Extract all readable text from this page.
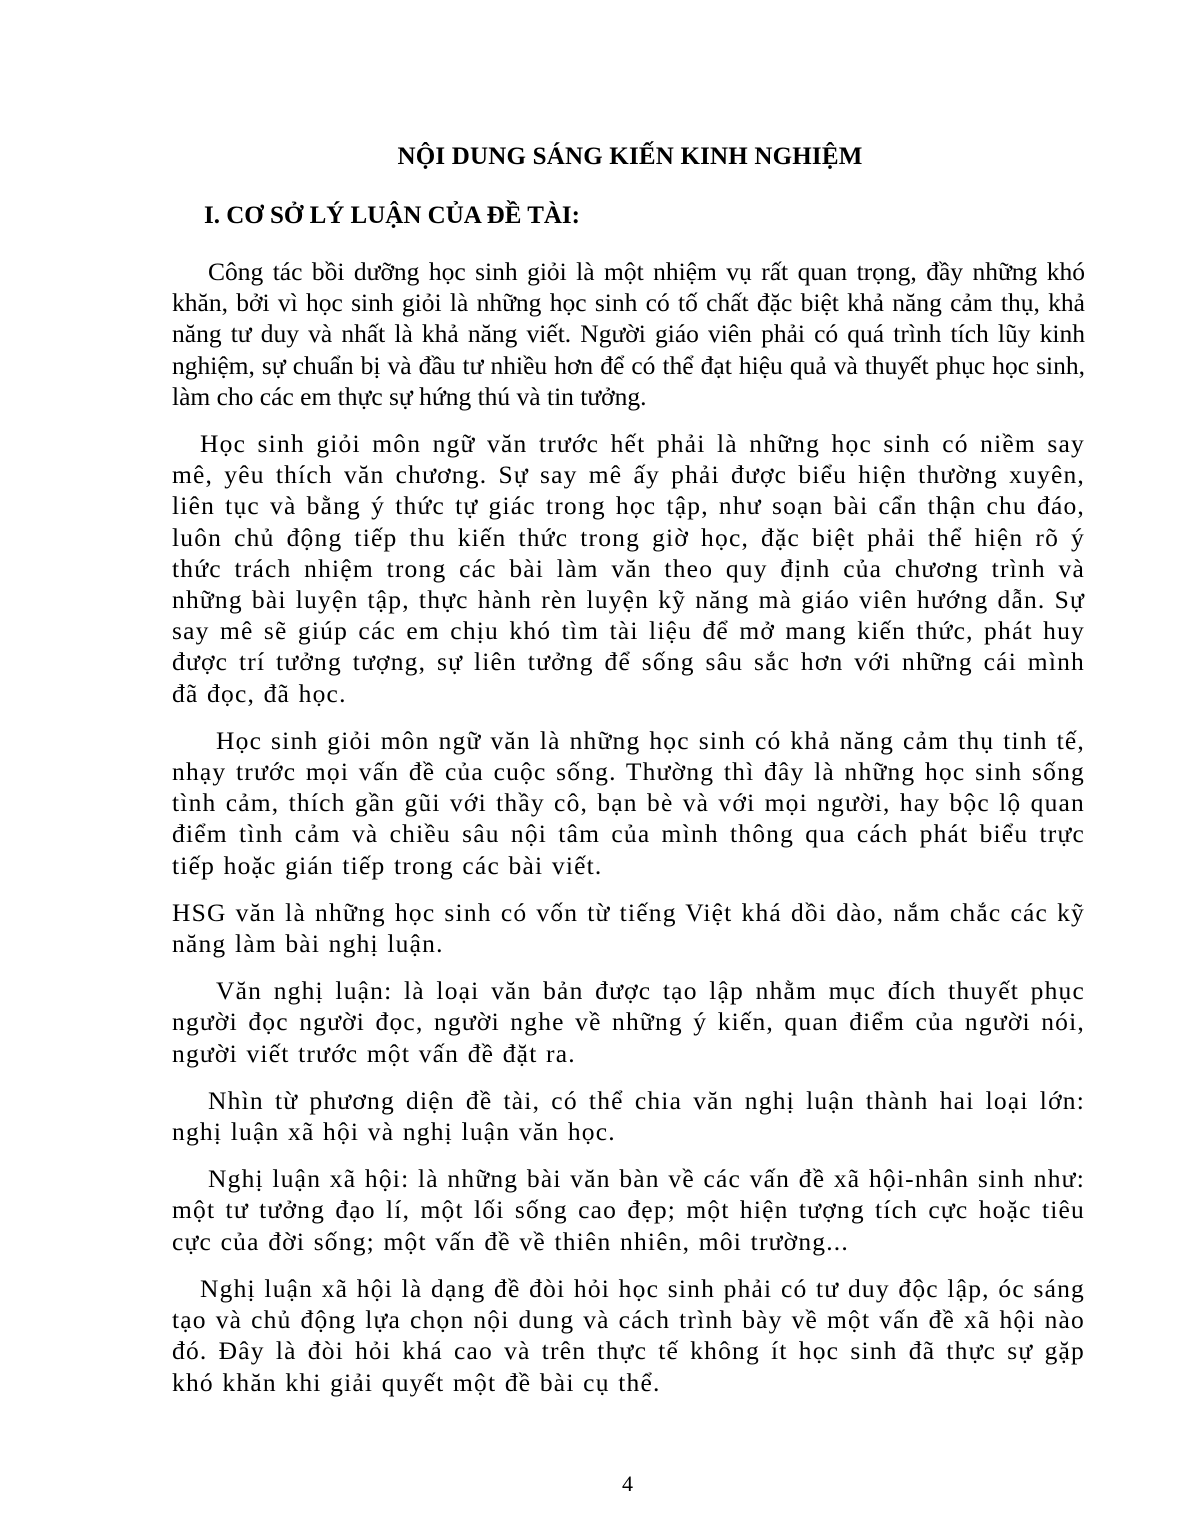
NỘI DUNG SÁNG KIẾN KINH NGHIỆM
I. CƠ SỞ LÝ LUẬN CỦA ĐỀ TÀI:

Công tác bồi dưỡng học sinh giỏi là một nhiệm vụ rất quan trọng, đầy những khó khăn, bởi vì học sinh giỏi là những học sinh có tố chất đặc biệt khả năng cảm thụ, khả năng tư duy và nhất là khả năng viết. Người giáo viên phải có quá trình tích lũy kinh nghiệm, sự chuẩn bị và đầu tư nhiều hơn để có thể đạt hiệu quả và thuyết phục học sinh, làm cho các em thực sự hứng thú và tin tưởng.

Học sinh giỏi môn ngữ văn trước hết phải là những học sinh có niềm say mê, yêu thích văn chương. Sự say mê ấy phải được biểu hiện thường xuyên, liên tục và bằng ý thức tự giác trong học tập, như soạn bài cẩn thận chu đáo, luôn chủ động tiếp thu kiến thức trong giờ học, đặc biệt phải thể hiện rõ ý thức trách nhiệm trong các bài làm văn theo quy định của chương trình và những bài luyện tập, thực hành rèn luyện kỹ năng mà giáo viên hướng dẫn. Sự say mê sẽ giúp các em chịu khó tìm tài liệu để mở mang kiến thức, phát huy được trí tưởng tượng, sự liên tưởng để sống sâu sắc hơn với những cái mình đã đọc, đã học.

Học sinh giỏi môn ngữ văn là những học sinh có khả năng cảm thụ tinh tế, nhạy trước mọi vấn đề của cuộc sống. Thường thì đây là những học sinh sống tình cảm, thích gần gũi với thầy cô, bạn bè và với mọi người, hay bộc lộ quan điểm tình cảm và chiều sâu nội tâm của mình thông qua cách phát biểu trực tiếp hoặc gián tiếp trong các bài viết.

HSG văn là những học sinh có vốn từ tiếng Việt khá dồi dào, nắm chắc các kỹ năng làm bài nghị luận.

Văn nghị luận: là loại văn bản được tạo lập nhằm mục đích thuyết phục người đọc người đọc, người nghe về những ý kiến, quan điểm của người nói, người viết trước một vấn đề đặt ra.

Nhìn từ phương diện đề tài, có thể chia văn nghị luận thành hai loại lớn: nghị luận xã hội và nghị luận văn học.

Nghị luận xã hội: là những bài văn bàn về các vấn đề xã hội-nhân sinh như: một tư tưởng đạo lí, một lối sống cao đẹp; một hiện tượng tích cực hoặc tiêu cực của đời sống; một vấn đề về thiên nhiên, môi trường...

Nghị luận xã hội là dạng đề đòi hỏi học sinh phải có tư duy độc lập, óc sáng tạo và chủ động lựa chọn nội dung và cách trình bày về một vấn đề xã hội nào đó. Đây là đòi hỏi khá cao và trên thực tế không ít học sinh đã thực sự gặp khó khăn khi giải quyết một đề bài cụ thể.

4
